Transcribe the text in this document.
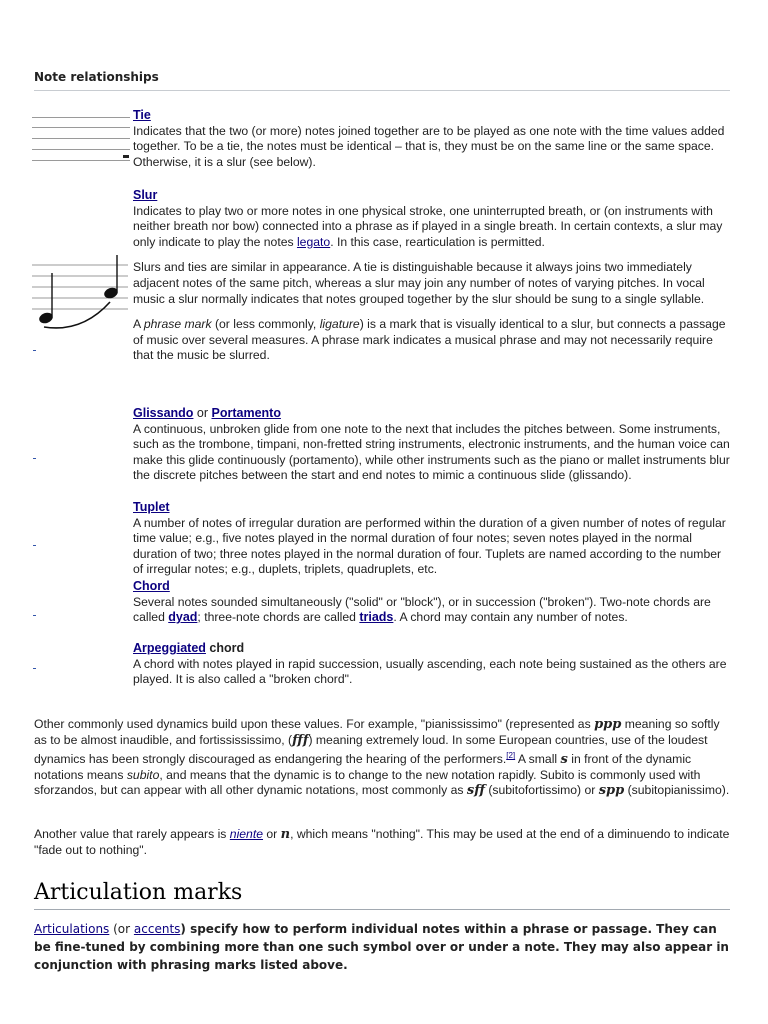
Note relationships
Tie

Indicates that the two (or more) notes joined together are to be played as one note with the time values added together. To be a tie, the notes must be identical – that is, they must be on the same line or the same space. Otherwise, it is a slur (see below).

Slur

Indicates to play two or more notes in one physical stroke, one uninterrupted breath, or (on instruments with neither breath nor bow) connected into a phrase as if played in a single breath. In certain contexts, a slur may only indicate to play the notes legato. In this case, rearticulation is permitted.

Slurs and ties are similar in appearance. A tie is distinguishable because it always joins two immediately adjacent notes of the same pitch, whereas a slur may join any number of notes of varying pitches. In vocal music a slur normally indicates that notes grouped together by the slur should be sung to a single syllable.

A phrase mark (or less commonly, ligature) is a mark that is visually identical to a slur, but connects a passage of music over several measures. A phrase mark indicates a musical phrase and may not necessarily require that the music be slurred.

Glissando or Portamento

A continuous, unbroken glide from one note to the next that includes the pitches between. Some instruments, such as the trombone, timpani, non-fretted string instruments, electronic instruments, and the human voice can make this glide continuously (portamento), while other instruments such as the piano or mallet instruments blur the discrete pitches between the start and end notes to mimic a continuous slide (glissando).

Tuplet

A number of notes of irregular duration are performed within the duration of a given number of notes of regular time value; e.g., five notes played in the normal duration of four notes; seven notes played in the normal duration of two; three notes played in the normal duration of four. Tuplets are named according to the number of irregular notes; e.g., duplets, triplets, quadruplets, etc.

Chord

Several notes sounded simultaneously ("solid" or "block"), or in succession ("broken"). Two-note chords are called dyad; three-note chords are called triads. A chord may contain any number of notes.

Arpeggiated chord

A chord with notes played in rapid succession, usually ascending, each note being sustained as the others are played. It is also called a "broken chord".

Other commonly used dynamics build upon these values. For example, "pianississimo" (represented as ppp meaning so softly as to be almost inaudible, and fortissississimo, (fff) meaning extremely loud. In some European countries, use of the loudest dynamics has been strongly discouraged as endangering the hearing of the performers.[2] A small s in front of the dynamic notations means subito, and means that the dynamic is to change to the new notation rapidly. Subito is commonly used with sforzandos, but can appear with all other dynamic notations, most commonly as sff (subitofortissimo) or spp (subitopianissimo).
Another value that rarely appears is niente or n, which means "nothing". This may be used at the end of a diminuendo to indicate "fade out to nothing".
Articulation marks
Articulations (or accents) specify how to perform individual notes within a phrase or passage. They can be fine-tuned by combining more than one such symbol over or under a note. They may also appear in conjunction with phrasing marks listed above.
